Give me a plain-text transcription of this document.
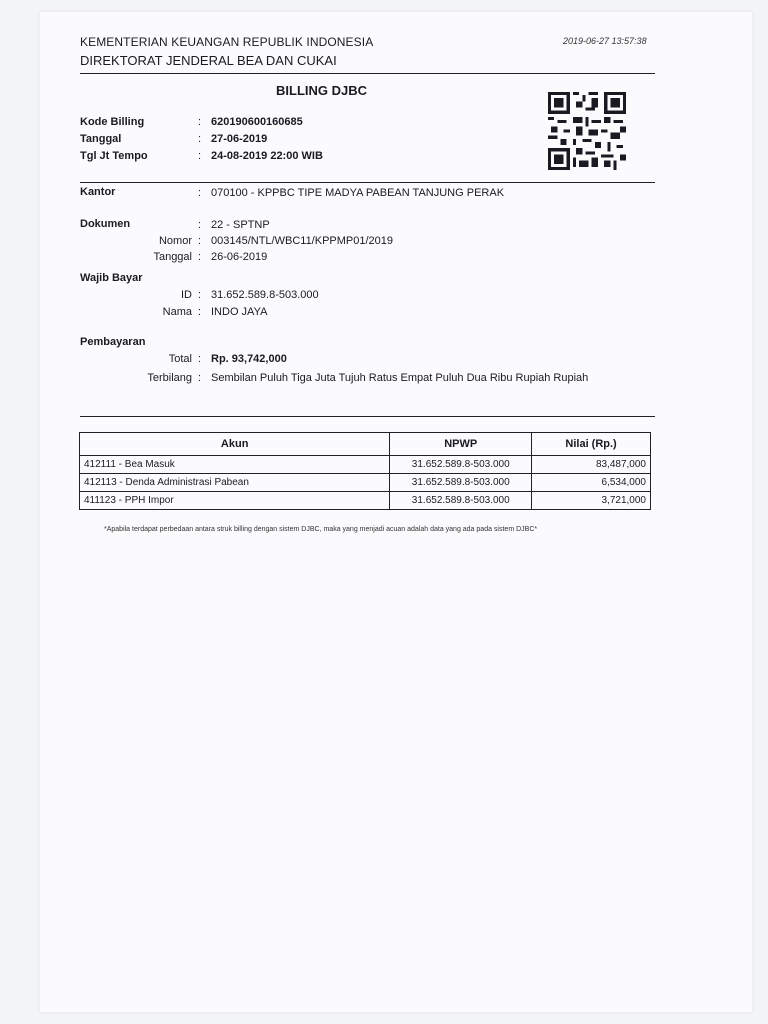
KEMENTERIAN KEUANGAN REPUBLIK INDONESIA
DIREKTORAT JENDERAL BEA DAN CUKAI
2019-06-27 13:57:38
BILLING DJBC
Kode Billing	: 620190600160685
Tanggal	: 27-06-2019
Tgl Jt Tempo	: 24-08-2019 22:00 WIB
Kantor	: 070100 - KPPBC TIPE MADYA PABEAN TANJUNG PERAK
Dokumen	: 22 - SPTNP
Nomor : 003145/NTL/WBC11/KPPMP01/2019
Tanggal : 26-06-2019
Wajib Bayar
ID : 31.652.589.8-503.000
Nama : INDO JAYA
Pembayaran
Total : Rp. 93,742,000
Terbilang : Sembilan Puluh Tiga Juta Tujuh Ratus Empat Puluh Dua Ribu Rupiah Rupiah
Akun	NPWP	Nilai (Rp.)
412111 - Bea Masuk	31.652.589.8-503.000	83,487,000
412113 - Denda Administrasi Pabean	31.652.589.8-503.000	6,534,000
411123 - PPH Impor	31.652.589.8-503.000	3,721,000
*Apabila terdapat perbedaan antara struk billing dengan sistem DJBC, maka yang menjadi acuan adalah data yang ada pada sistem DJBC*
